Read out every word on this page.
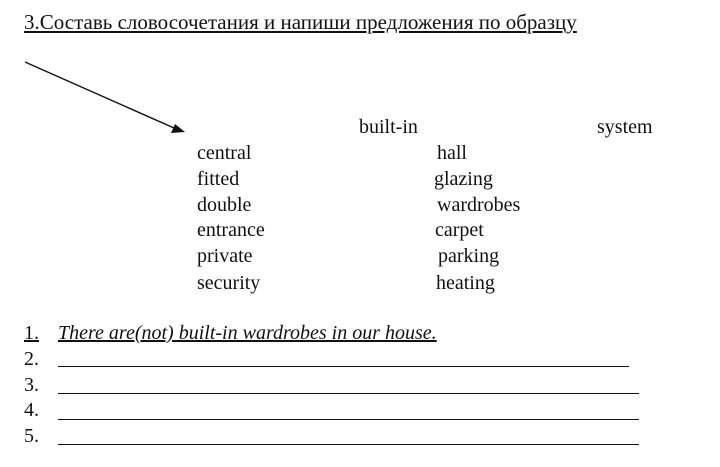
3.Составь словосочетания и напиши предложения по образцу
built-in	system
central
fitted
double
entrance
private
security
hall
glazing
wardrobes
carpet
parking
heating
1. There are(not) built-in wardrobes in our house.
2.
3.
4.
5.
